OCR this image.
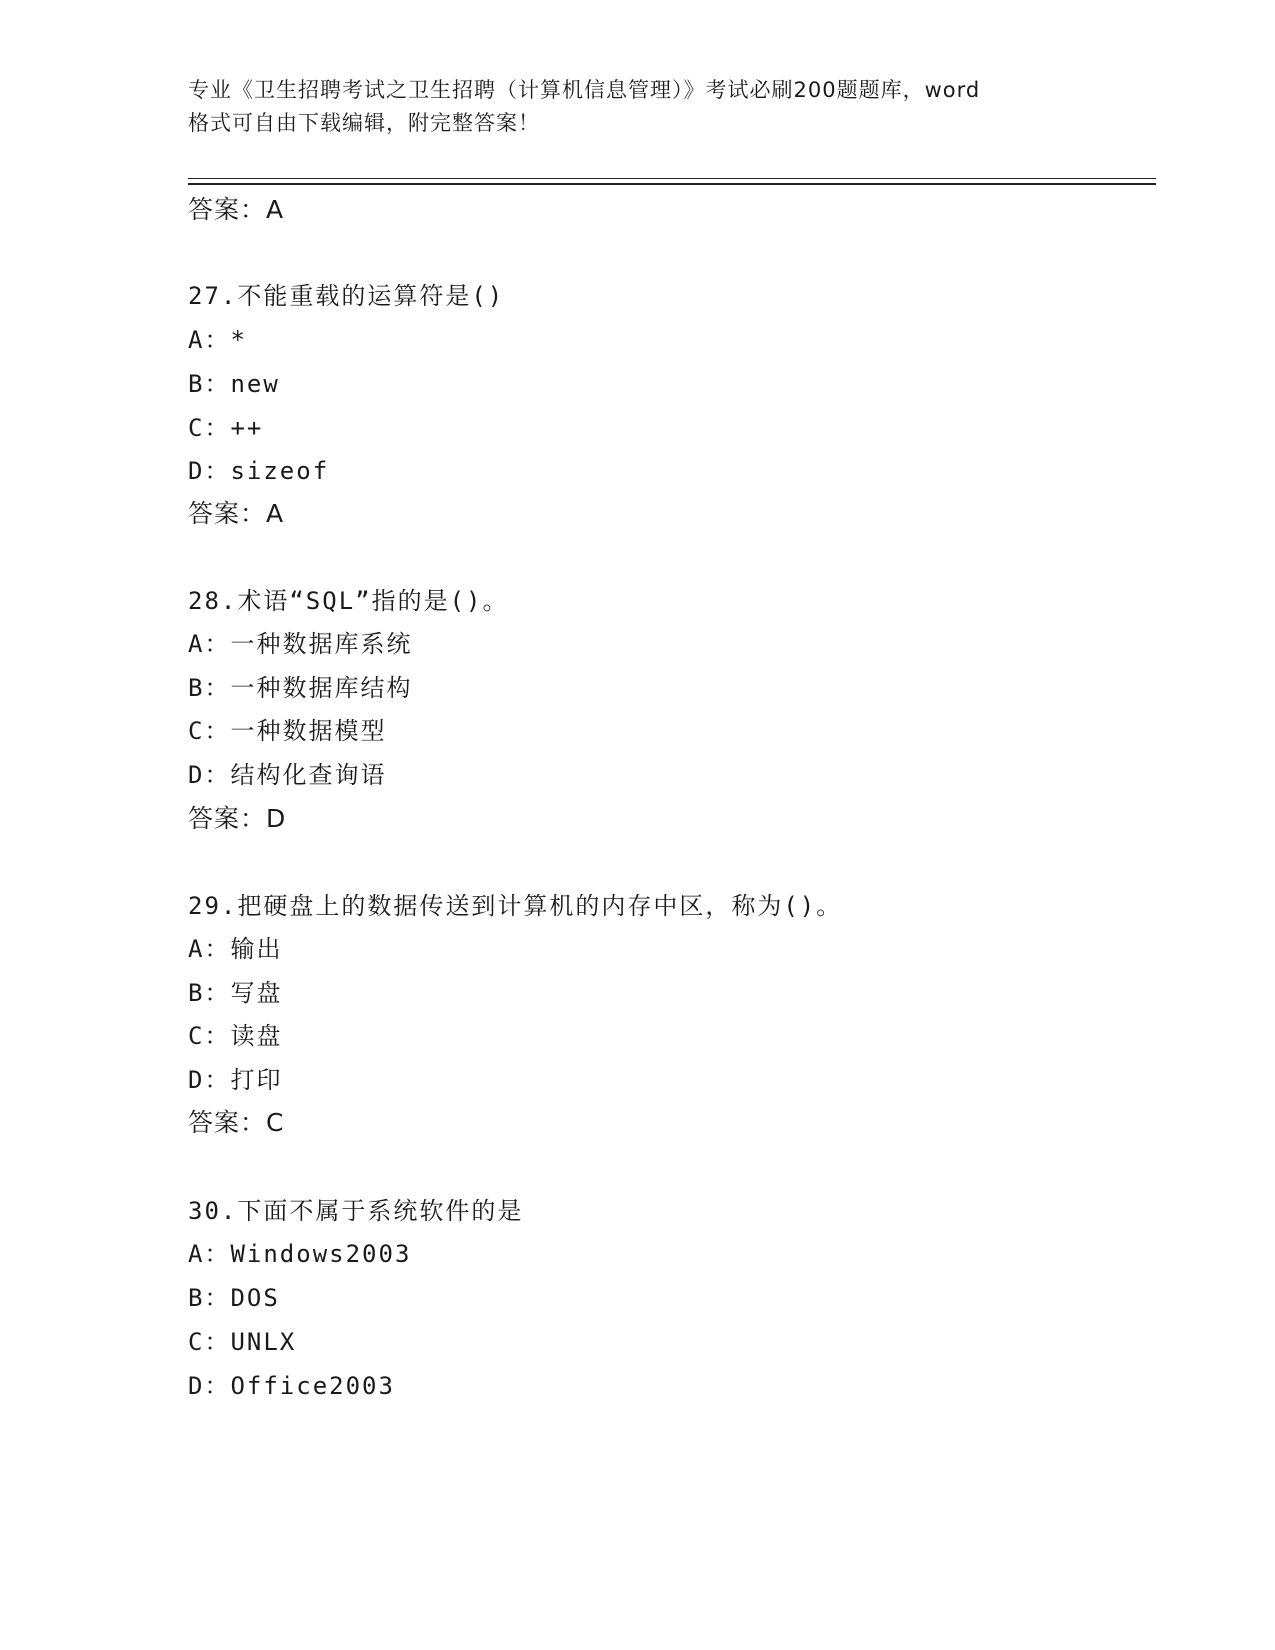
专业《卫生招聘考试之卫生招聘（计算机信息管理）》考试必刷200题题库，word
格式可自由下载编辑，附完整答案！
答案：A
27.不能重载的运算符是()
A：*
B：new
C：++
D：sizeof
答案：A
28.术语“SQL”指的是()。
A：一种数据库系统
B：一种数据库结构
C：一种数据模型
D：结构化查询语
答案：D
29.把硬盘上的数据传送到计算机的内存中区，称为()。
A：输出
B：写盘
C：读盘
D：打印
答案：C
30.下面不属于系统软件的是
A：Windows2003
B：DOS
C：UNLX
D：Office2003
